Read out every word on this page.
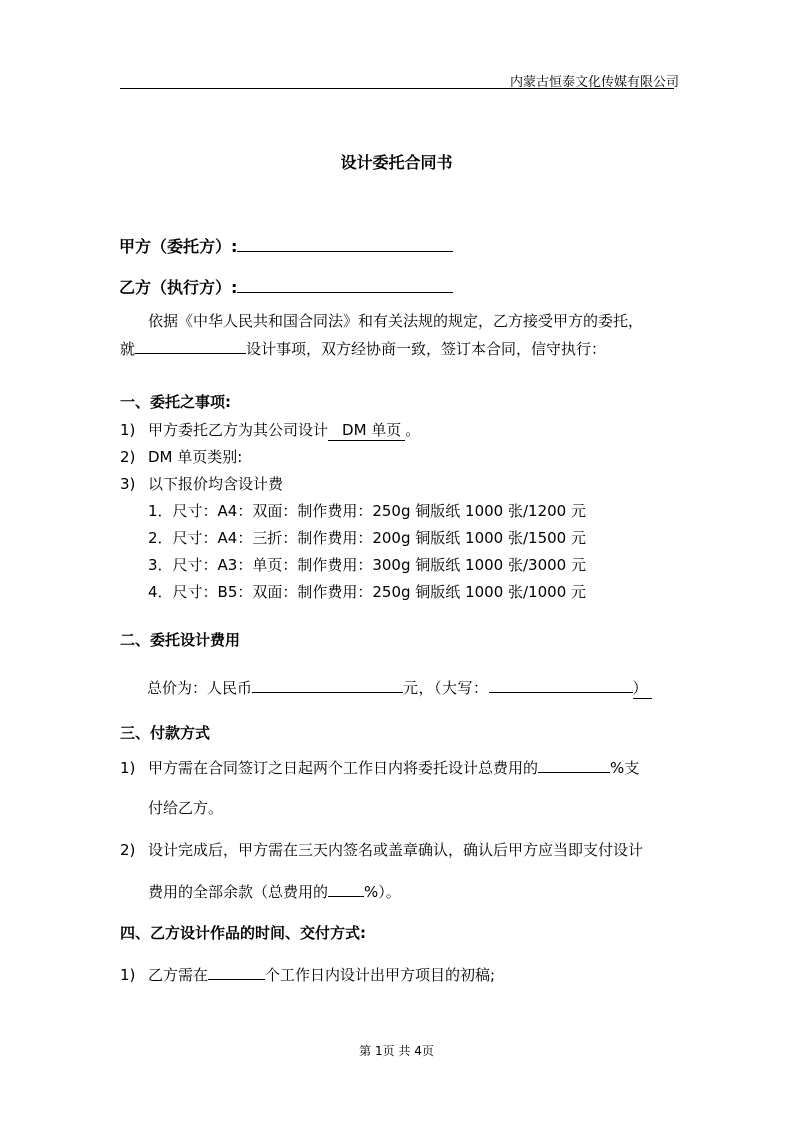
内蒙古恒泰文化传媒有限公司
设计委托合同书
甲方（委托方）:
乙方（执行方）:
依据《中华人民共和国合同法》和有关法规的规定，乙方接受甲方的委托，
就	设计事项，双方经协商一致，签订本合同，信守执行：
一、委托之事项:
1) 甲方委托乙方为其公司设计 DM 单页 。
2) DM 单页类别:
3) 以下报价均含设计费
1．尺寸：A4：双面：制作费用：250g 铜版纸 1000 张/1200 元
2．尺寸：A4：三折：制作费用：200g 铜版纸 1000 张/1500 元
3．尺寸：A3：单页：制作费用：300g 铜版纸 1000 张/3000 元
4．尺寸：B5：双面：制作费用：250g 铜版纸 1000 张/1000 元
二、委托设计费用
总价为：人民币	元，（大写：	）
三、付款方式
1) 甲方需在合同签订之日起两个工作日内将委托设计总费用的	%支
付给乙方。
2) 设计完成后，甲方需在三天内签名或盖章确认，确认后甲方应当即支付设计
费用的全部余款（总费用的 %）。
四、乙方设计作品的时间、交付方式:
1) 乙方需在	个工作日内设计出甲方项目的初稿;
第 1页 共 4页
